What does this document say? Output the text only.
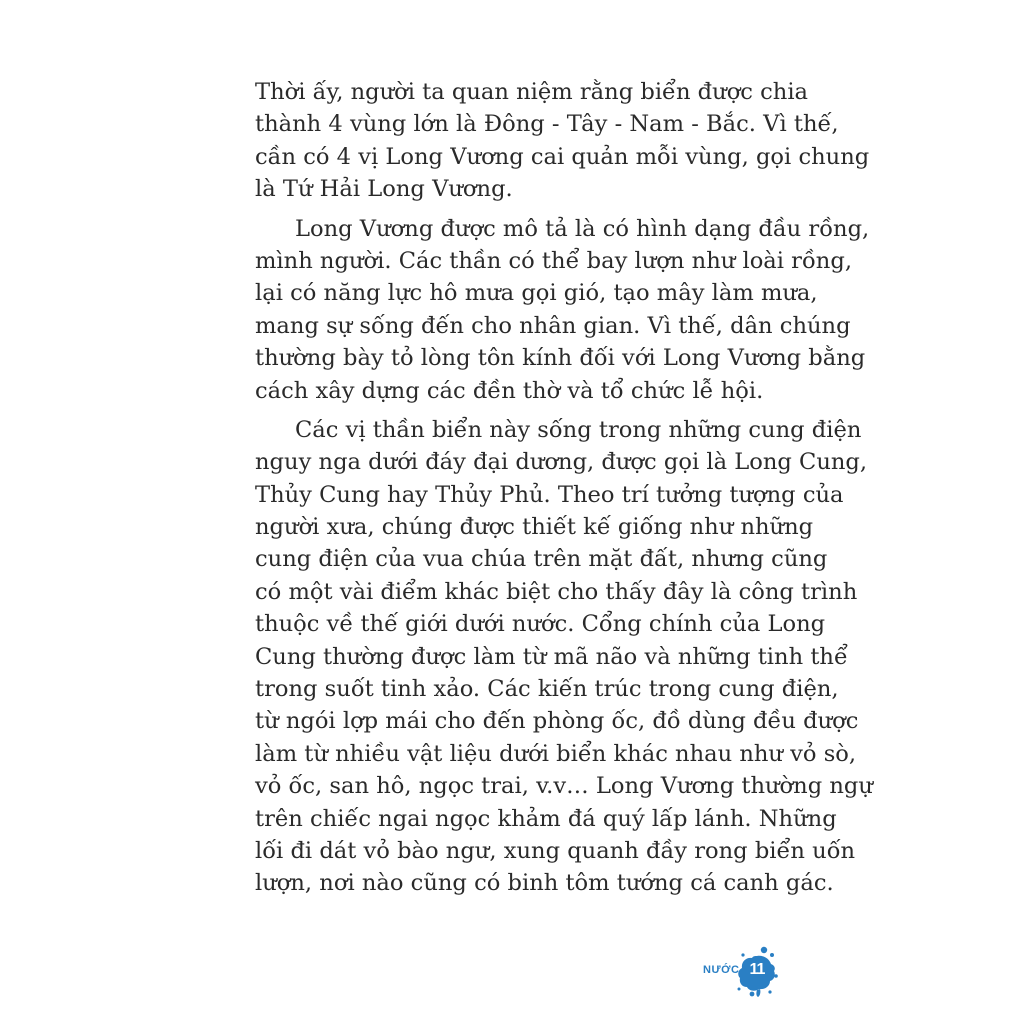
Thời ấy, người ta quan niệm rằng biển được chia
thành 4 vùng lớn là Đông - Tây - Nam - Bắc. Vì thế,
cần có 4 vị Long Vương cai quản mỗi vùng, gọi chung
là Tứ Hải Long Vương.
Long Vương được mô tả là có hình dạng đầu rồng,
mình người. Các thần có thể bay lượn như loài rồng,
lại có năng lực hô mưa gọi gió, tạo mây làm mưa,
mang sự sống đến cho nhân gian. Vì thế, dân chúng
thường bày tỏ lòng tôn kính đối với Long Vương bằng
cách xây dựng các đền thờ và tổ chức lễ hội.
Các vị thần biển này sống trong những cung điện
nguy nga dưới đáy đại dương, được gọi là Long Cung,
Thủy Cung hay Thủy Phủ. Theo trí tưởng tượng của
người xưa, chúng được thiết kế giống như những
cung điện của vua chúa trên mặt đất, nhưng cũng
có một vài điểm khác biệt cho thấy đây là công trình
thuộc về thế giới dưới nước. Cổng chính của Long
Cung thường được làm từ mã não và những tinh thể
trong suốt tinh xảo. Các kiến trúc trong cung điện,
từ ngói lợp mái cho đến phòng ốc, đồ dùng đều được
làm từ nhiều vật liệu dưới biển khác nhau như vỏ sò,
vỏ ốc, san hô, ngọc trai, v.v… Long Vương thường ngự
trên chiếc ngai ngọc khảm đá quý lấp lánh. Những
lối đi dát vỏ bào ngư, xung quanh đầy rong biển uốn
lượn, nơi nào cũng có binh tôm tướng cá canh gác.
NƯỚC 11
